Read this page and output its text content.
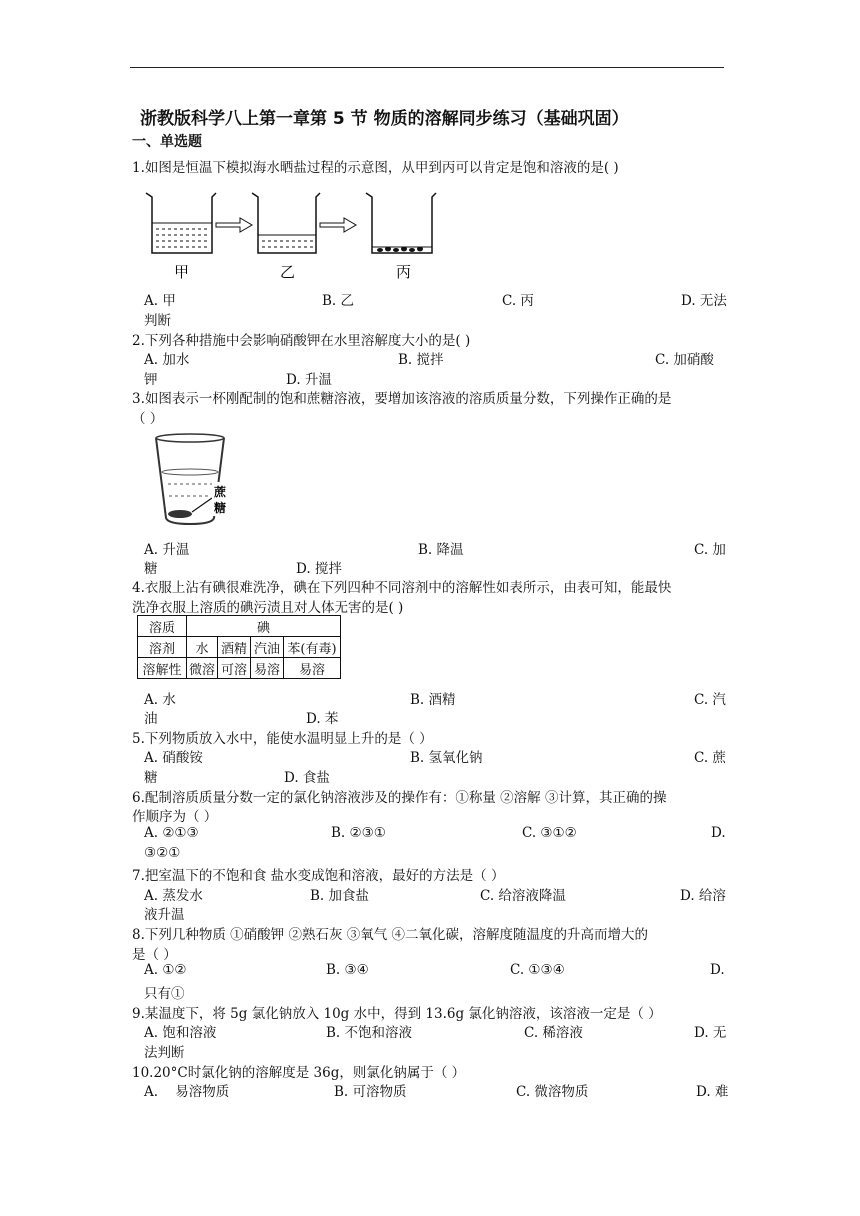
浙教版科学八上第一章第 5 节 物质的溶解同步练习（基础巩固）
一、单选题
1.如图是恒温下模拟海水晒盐过程的示意图，从甲到丙可以肯定是饱和溶液的是( )
甲	乙	丙
A. 甲	B. 乙	C. 丙	D. 无法
判断
2.下列各种措施中会影响硝酸钾在水里溶解度大小的是( )
A. 加水	B. 搅拌	C. 加硝酸
钾	D. 升温
3.如图表示一杯刚配制的饱和蔗糖溶液，要增加该溶液的溶质质量分数，下列操作正确的是
（ ）
蔗
糖
A. 升温	B. 降温	C. 加
糖	D. 搅拌
4.衣服上沾有碘很难洗净，碘在下列四种不同溶剂中的溶解性如表所示，由表可知，能最快
洗净衣服上溶质的碘污渍且对人体无害的是( )
溶质	碘			
溶剂	水	酒精	汽油	苯(有毒)
溶解性	微溶	可溶	易溶	易溶
A. 水	B. 酒精	C. 汽
油	D. 苯
5.下列物质放入水中，能使水温明显上升的是（ ）
A. 硝酸铵	B. 氢氧化钠	C. 蔗
糖	D. 食盐
6.配制溶质质量分数一定的氯化钠溶液涉及的操作有：①称量 ②溶解 ③计算，其正确的操
作顺序为（ ）
A. ②①③	B. ②③①	C. ③①②	D.
③②①
7.把室温下的不饱和食 盐水变成饱和溶液，最好的方法是（ ）
A. 蒸发水	B. 加食盐	C. 给溶液降温	D. 给溶
液升温
8.下列几种物质 ①硝酸钾 ②熟石灰 ③氧气 ④二氧化碳，溶解度随温度的升高而增大的
是（ ）
A. ①②	B. ③④	C. ①③④	D.
只有①
9.某温度下，将 5g 氯化钠放入 10g 水中，得到 13.6g 氯化钠溶液，该溶液一定是（ ）
A. 饱和溶液	B. 不饱和溶液	C. 稀溶液	D. 无
法判断
10.20°C时氯化钠的溶解度是 36g，则氯化钠属于（ ）
A.    易溶物质	B. 可溶物质	C. 微溶物质	D. 难
